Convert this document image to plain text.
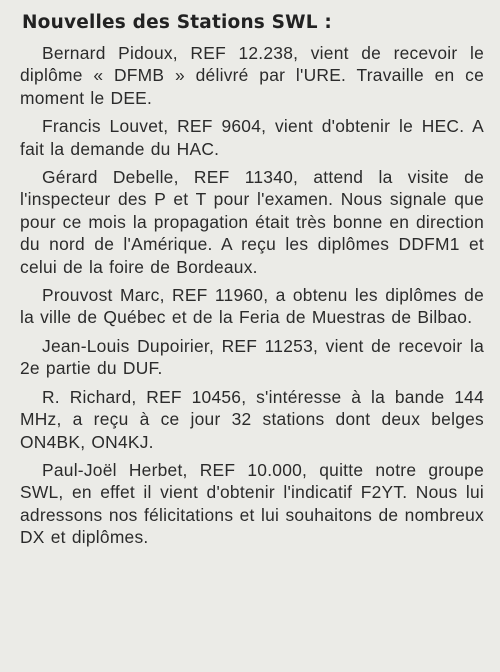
Nouvelles des Stations SWL :

Bernard Pidoux, REF 12.238, vient de recevoir le diplôme « DFMB » délivré par l'URE. Travaille en ce moment le DEE.

Francis Louvet, REF 9604, vient d'obtenir le HEC. A fait la demande du HAC.

Gérard Debelle, REF 11340, attend la visite de l'inspecteur des P et T pour l'examen. Nous signale que pour ce mois la propagation était très bonne en direction du nord de l'Amérique. A reçu les diplômes DDFM1 et celui de la foire de Bordeaux.

Prouvost Marc, REF 11960, a obtenu les diplômes de la ville de Québec et de la Feria de Muestras de Bilbao.

Jean-Louis Dupoirier, REF 11253, vient de recevoir la 2e partie du DUF.

R. Richard, REF 10456, s'intéresse à la bande 144 MHz, a reçu à ce jour 32 stations dont deux belges ON4BK, ON4KJ.

Paul-Joël Herbet, REF 10.000, quitte notre groupe SWL, en effet il vient d'obtenir l'indicatif F2YT. Nous lui adressons nos félicitations et lui souhaitons de nombreux DX et diplômes.
